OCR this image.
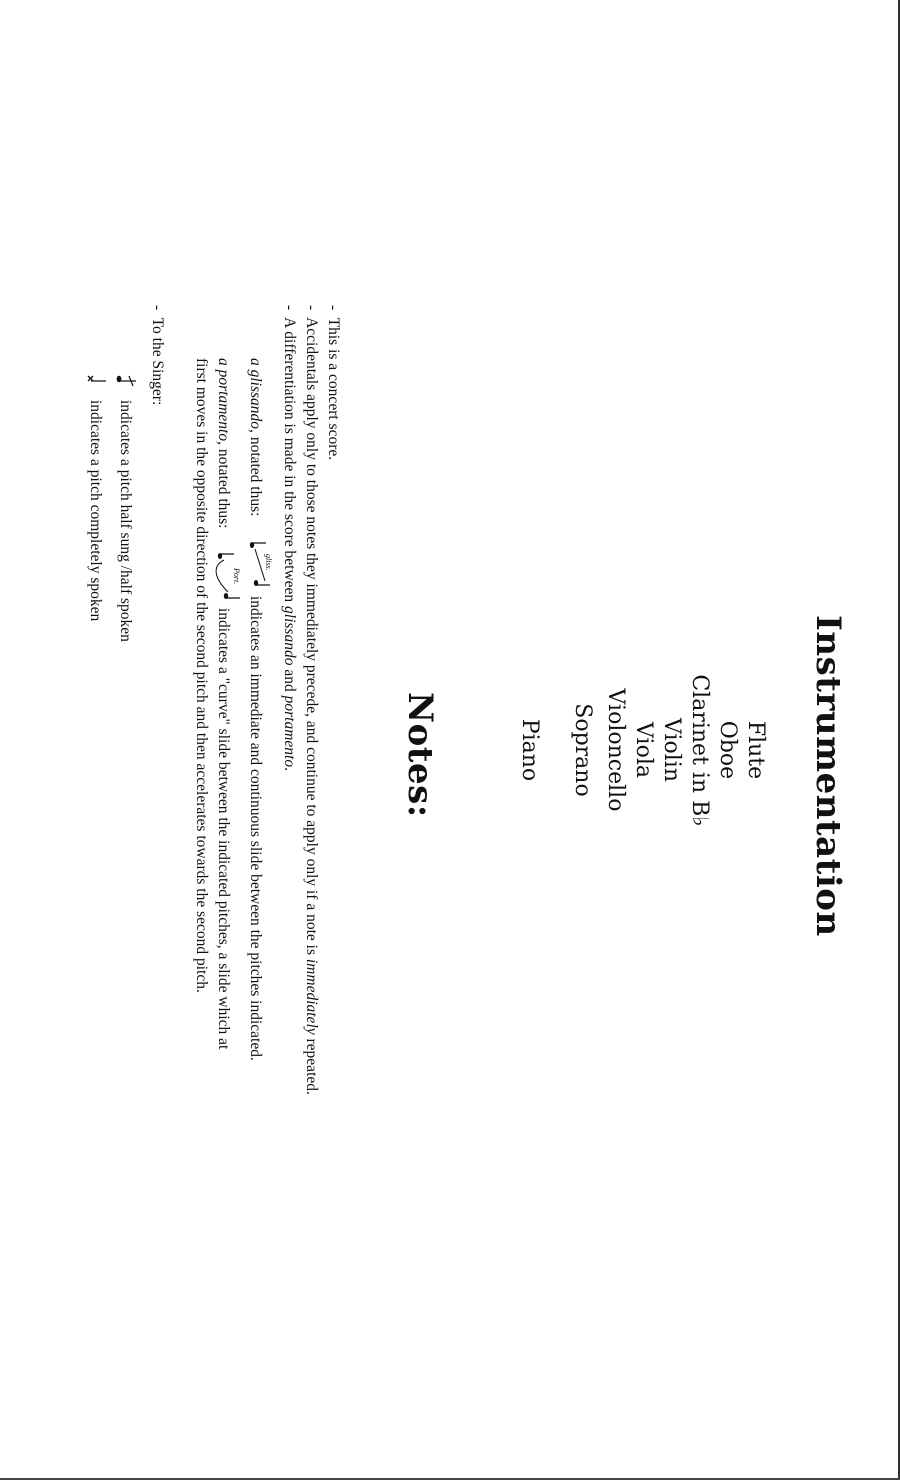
Instrumentation
Flute
Oboe
Clarinet in B♭
Violin
Viola
Violoncello
Soprano
Piano
Notes:
-  This is a concert score.
-  Accidentals apply only to those notes they immediately precede, and continue to apply only if a note is immediately repeated.
-  A differentiation is made in the score between glissando and portamento.
a glissando, notated thus:
gliss.
indicates an immediate and continuous slide between the pitches indicated.
a portamento, notated thus:
Port.
indicates a "curve" slide between the indicated pitches, a slide which at
first moves in the opposite direction of the second pitch and then accelerates towards the second pitch.
-  To the Singer:
indicates a pitch half sung /half spoken
indicates a pitch completely spoken
